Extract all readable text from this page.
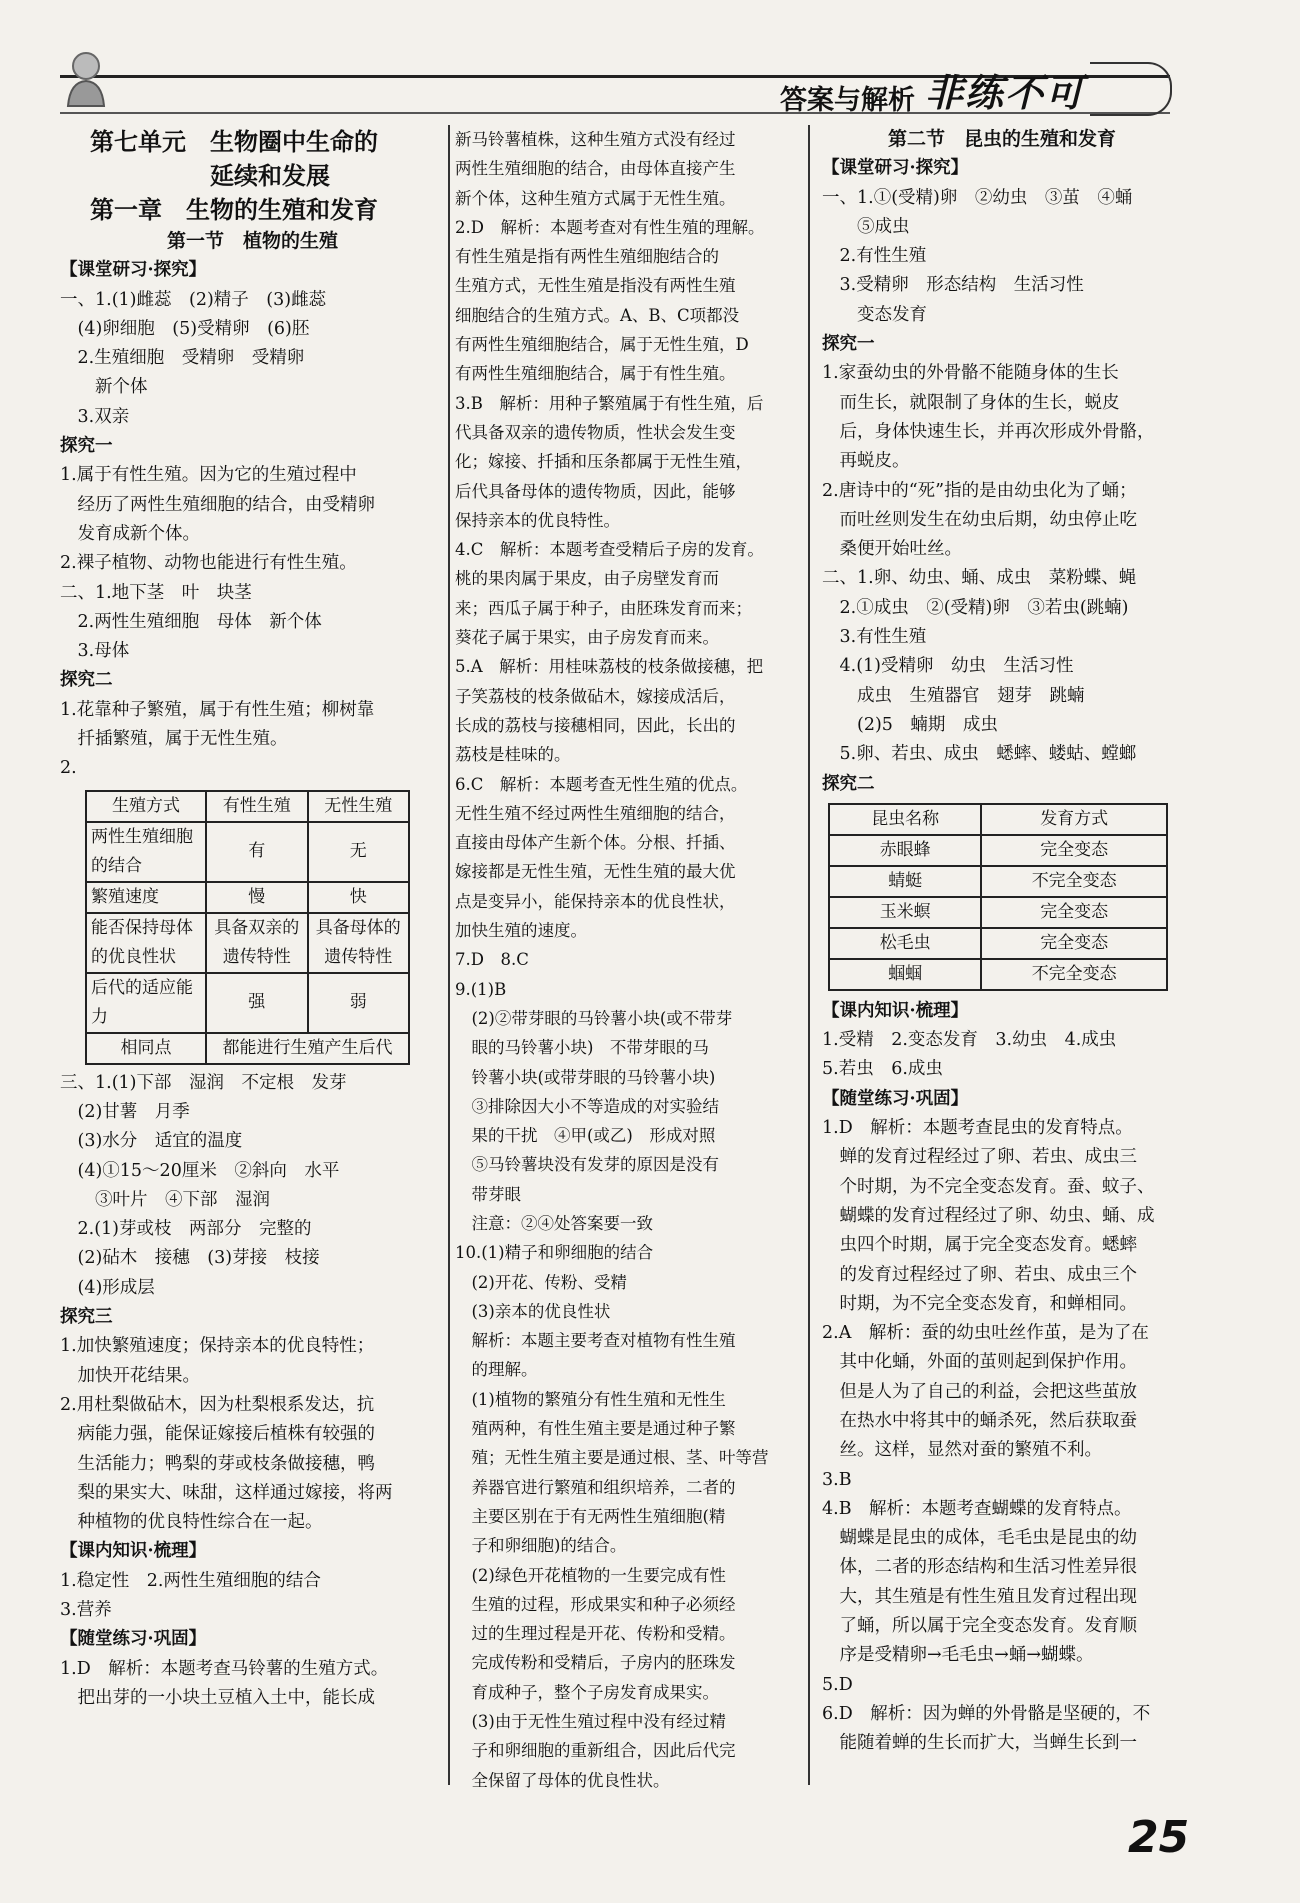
答案与解析 非练不可
第七单元　生物圈中生命的
延续和发展
第一章　生物的生殖和发育
第一节　植物的生殖
【课堂研习·探究】
一、1.(1)雌蕊　(2)精子　(3)雌蕊
　(4)卵细胞　(5)受精卵　(6)胚
　2.生殖细胞　受精卵　受精卵
　　新个体
　3.双亲
探究一
1.属于有性生殖。因为它的生殖过程中
　经历了两性生殖细胞的结合，由受精卵
　发育成新个体。
2.裸子植物、动物也能进行有性生殖。
二、1.地下茎　叶　块茎
　2.两性生殖细胞　母体　新个体
　3.母体
探究二
1.花靠种子繁殖，属于有性生殖；柳树靠
　扦插繁殖，属于无性生殖。
2.
生殖方式	有性生殖	无性生殖
两性生殖细胞的结合	有	无
繁殖速度	慢	快
能否保持母体的优良性状	具备双亲的遗传特性	具备母体的遗传特性
后代的适应能力	强	弱
相同点	都能进行生殖产生后代	
三、1.(1)下部　湿润　不定根　发芽
　(2)甘薯　月季
　(3)水分　适宜的温度
　(4)①15～20厘米　②斜向　水平
　　③叶片　④下部　湿润
　2.(1)芽或枝　两部分　完整的
　(2)砧木　接穗　(3)芽接　枝接
　(4)形成层
探究三
1.加快繁殖速度；保持亲本的优良特性；
　加快开花结果。
2.用杜梨做砧木，因为杜梨根系发达，抗
　病能力强，能保证嫁接后植株有较强的
　生活能力；鸭梨的芽或枝条做接穗，鸭
　梨的果实大、味甜，这样通过嫁接，将两
　种植物的优良特性综合在一起。
【课内知识·梳理】
1.稳定性　2.两性生殖细胞的结合
3.营养
【随堂练习·巩固】
1.D　解析：本题考查马铃薯的生殖方式。
　把出芽的一小块土豆植入土中，能长成
新马铃薯植株，这种生殖方式没有经过
两性生殖细胞的结合，由母体直接产生
新个体，这种生殖方式属于无性生殖。
2.D　解析：本题考查对有性生殖的理解。
有性生殖是指有两性生殖细胞结合的
生殖方式，无性生殖是指没有两性生殖
细胞结合的生殖方式。A、B、C项都没
有两性生殖细胞结合，属于无性生殖，D
有两性生殖细胞结合，属于有性生殖。
3.B　解析：用种子繁殖属于有性生殖，后
代具备双亲的遗传物质，性状会发生变
化；嫁接、扦插和压条都属于无性生殖，
后代具备母体的遗传物质，因此，能够
保持亲本的优良特性。
4.C　解析：本题考查受精后子房的发育。
桃的果肉属于果皮，由子房壁发育而
来；西瓜子属于种子，由胚珠发育而来；
葵花子属于果实，由子房发育而来。
5.A　解析：用桂味荔枝的枝条做接穗，把
子笑荔枝的枝条做砧木，嫁接成活后，
长成的荔枝与接穗相同，因此，长出的
荔枝是桂味的。
6.C　解析：本题考查无性生殖的优点。
无性生殖不经过两性生殖细胞的结合，
直接由母体产生新个体。分根、扦插、
嫁接都是无性生殖，无性生殖的最大优
点是变异小，能保持亲本的优良性状，
加快生殖的速度。
7.D　8.C
9.(1)B
　(2)②带芽眼的马铃薯小块(或不带芽
　眼的马铃薯小块)　不带芽眼的马
　铃薯小块(或带芽眼的马铃薯小块)
　③排除因大小不等造成的对实验结
　果的干扰　④甲(或乙)　形成对照
　⑤马铃薯块没有发芽的原因是没有
　带芽眼
　注意：②④处答案要一致
10.(1)精子和卵细胞的结合
　(2)开花、传粉、受精
　(3)亲本的优良性状
　解析：本题主要考查对植物有性生殖
　的理解。
　(1)植物的繁殖分有性生殖和无性生
　殖两种，有性生殖主要是通过种子繁
　殖；无性生殖主要是通过根、茎、叶等营
　养器官进行繁殖和组织培养，二者的
　主要区别在于有无两性生殖细胞(精
　子和卵细胞)的结合。
　(2)绿色开花植物的一生要完成有性
　生殖的过程，形成果实和种子必须经
　过的生理过程是开花、传粉和受精。
　完成传粉和受精后，子房内的胚珠发
　育成种子，整个子房发育成果实。
　(3)由于无性生殖过程中没有经过精
　子和卵细胞的重新组合，因此后代完
　全保留了母体的优良性状。
第二节　昆虫的生殖和发育
【课堂研习·探究】
一、1.①(受精)卵　②幼虫　③茧　④蛹
　　⑤成虫
　2.有性生殖
　3.受精卵　形态结构　生活习性
　　变态发育
探究一
1.家蚕幼虫的外骨骼不能随身体的生长
　而生长，就限制了身体的生长，蜕皮
　后，身体快速生长，并再次形成外骨骼，
　再蜕皮。
2.唐诗中的“死”指的是由幼虫化为了蛹；
　而吐丝则发生在幼虫后期，幼虫停止吃
　桑便开始吐丝。
二、1.卵、幼虫、蛹、成虫　菜粉蝶、蝇
　2.①成虫　②(受精)卵　③若虫(跳蝻)
　3.有性生殖
　4.(1)受精卵　幼虫　生活习性
　　成虫　生殖器官　翅芽　跳蝻
　　(2)5　蝻期　成虫
　5.卵、若虫、成虫　蟋蟀、蝼蛄、螳螂
探究二
昆虫名称	发育方式
赤眼蜂	完全变态
蜻蜓	不完全变态
玉米螟	完全变态
松毛虫	完全变态
蝈蝈	不完全变态
【课内知识·梳理】
1.受精　2.变态发育　3.幼虫　4.成虫
5.若虫　6.成虫
【随堂练习·巩固】
1.D　解析：本题考查昆虫的发育特点。
　蝉的发育过程经过了卵、若虫、成虫三
　个时期，为不完全变态发育。蚕、蚊子、
　蝴蝶的发育过程经过了卵、幼虫、蛹、成
　虫四个时期，属于完全变态发育。蟋蟀
　的发育过程经过了卵、若虫、成虫三个
　时期，为不完全变态发育，和蝉相同。
2.A　解析：蚕的幼虫吐丝作茧，是为了在
　其中化蛹，外面的茧则起到保护作用。
　但是人为了自己的利益，会把这些茧放
　在热水中将其中的蛹杀死，然后获取蚕
　丝。这样，显然对蚕的繁殖不利。
3.B
4.B　解析：本题考查蝴蝶的发育特点。
　蝴蝶是昆虫的成体，毛毛虫是昆虫的幼
　体，二者的形态结构和生活习性差异很
　大，其生殖是有性生殖且发育过程出现
　了蛹，所以属于完全变态发育。发育顺
　序是受精卵→毛毛虫→蛹→蝴蝶。
5.D
6.D　解析：因为蝉的外骨骼是坚硬的，不
　能随着蝉的生长而扩大，当蝉生长到一
25
